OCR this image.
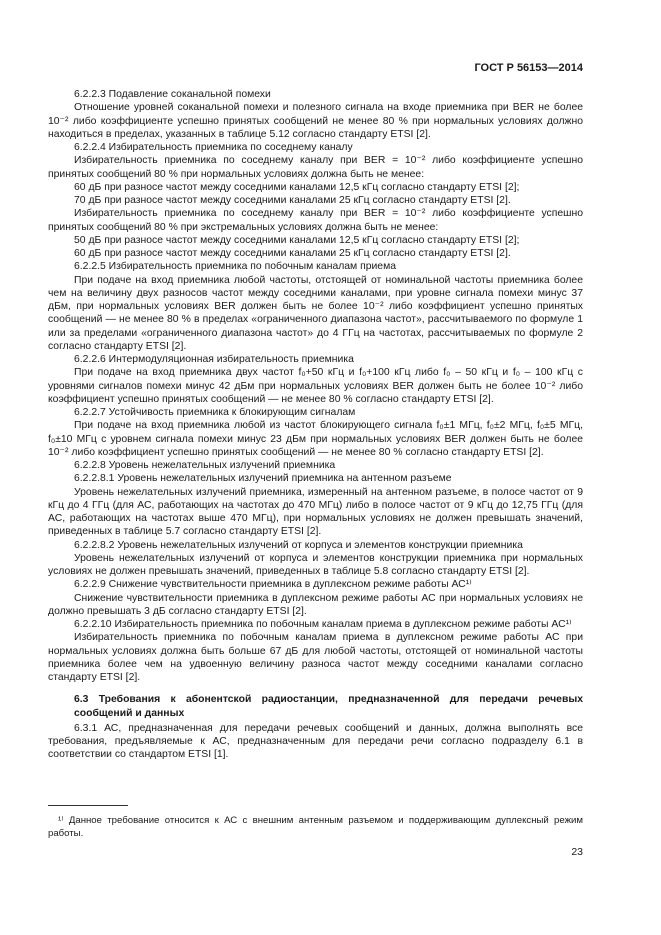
ГОСТ Р 56153—2014

6.2.2.3 Подавление соканальной помехи

Отношение уровней соканальной помехи и полезного сигнала на входе приемника при BER не более 10⁻² либо коэффициенте успешно принятых сообщений не менее 80 % при нормальных условиях должно находиться в пределах, указанных в таблице 5.12 согласно стандарту ETSI [2].

6.2.2.4 Избирательность приемника по соседнему каналу

Избирательность приемника по соседнему каналу при BER = 10⁻² либо коэффициенте успешно принятых сообщений 80 % при нормальных условиях должна быть не менее:

60 дБ при разносе частот между соседними каналами 12,5 кГц согласно стандарту ETSI [2];

70 дБ при разносе частот между соседними каналами 25 кГц согласно стандарту ETSI [2].

Избирательность приемника по соседнему каналу при BER = 10⁻² либо коэффициенте успешно принятых сообщений 80 % при экстремальных условиях должна быть не менее:

50 дБ при разносе частот между соседними каналами 12,5 кГц согласно стандарту ETSI [2];

60 дБ при разносе частот между соседними каналами 25 кГц согласно стандарту ETSI [2].

6.2.2.5 Избирательность приемника по побочным каналам приема

При подаче на вход приемника любой частоты, отстоящей от номинальной частоты приемника более чем на величину двух разносов частот между соседними каналами, при уровне сигнала помехи минус 37 дБм, при нормальных условиях BER должен быть не более 10⁻² либо коэффициент успешно принятых сообщений — не менее 80 % в пределах «ограниченного диапазона частот», рассчитываемого по формуле 1 или за пределами «ограниченного диапазона частот» до 4 ГГц на частотах, рассчитываемых по формуле 2 согласно стандарту ETSI [2].

6.2.2.6 Интермодуляционная избирательность приемника

При подаче на вход приемника двух частот f₀+50 кГц и f₀+100 кГц либо f₀ – 50 кГц и f₀ – 100 кГц с уровнями сигналов помехи минус 42 дБм при нормальных условиях BER должен быть не более 10⁻² либо коэффициент успешно принятых сообщений — не менее 80 % согласно стандарту ETSI [2].

6.2.2.7 Устойчивость приемника к блокирующим сигналам

При подаче на вход приемника любой из частот блокирующего сигнала f₀±1 МГц, f₀±2 МГц, f₀±5 МГц, f₀±10 МГц с уровнем сигнала помехи минус 23 дБм при нормальных условиях BER должен быть не более 10⁻² либо коэффициент успешно принятых сообщений — не менее 80 % согласно стандарту ETSI [2].

6.2.2.8 Уровень нежелательных излучений приемника

6.2.2.8.1 Уровень нежелательных излучений приемника на антенном разъеме

Уровень нежелательных излучений приемника, измеренный на антенном разъеме, в полосе частот от 9 кГц до 4 ГГц (для АС, работающих на частотах до 470 МГц) либо в полосе частот от 9 кГц до 12,75 ГГц (для АС, работающих на частотах выше 470 МГц), при нормальных условиях не должен превышать значений, приведенных в таблице 5.7 согласно стандарту ETSI [2].

6.2.2.8.2 Уровень нежелательных излучений от корпуса и элементов конструкции приемника

Уровень нежелательных излучений от корпуса и элементов конструкции приемника при нормальных условиях не должен превышать значений, приведенных в таблице 5.8 согласно стандарту ETSI [2].

6.2.2.9 Снижение чувствительности приемника в дуплексном режиме работы АС¹⁾

Снижение чувствительности приемника в дуплексном режиме работы АС при нормальных условиях не должно превышать 3 дБ согласно стандарту ETSI [2].

6.2.2.10 Избирательность приемника по побочным каналам приема в дуплексном режиме работы АС¹⁾

Избирательность приемника по побочным каналам приема в дуплексном режиме работы АС при нормальных условиях должна быть больше 67 дБ для любой частоты, отстоящей от номинальной частоты приемника более чем на удвоенную величину разноса частот между соседними каналами согласно стандарту ETSI [2].

6.3 Требования к абонентской радиостанции, предназначенной для передачи речевых сообщений и данных

6.3.1 АС, предназначенная для передачи речевых сообщений и данных, должна выполнять все требования, предъявляемые к АС, предназначенным для передачи речи согласно подразделу 6.1 в соответствии со стандартом ETSI [1].

¹⁾ Данное требование относится к АС с внешним антенным разъемом и поддерживающим дуплексный режим работы.
23
